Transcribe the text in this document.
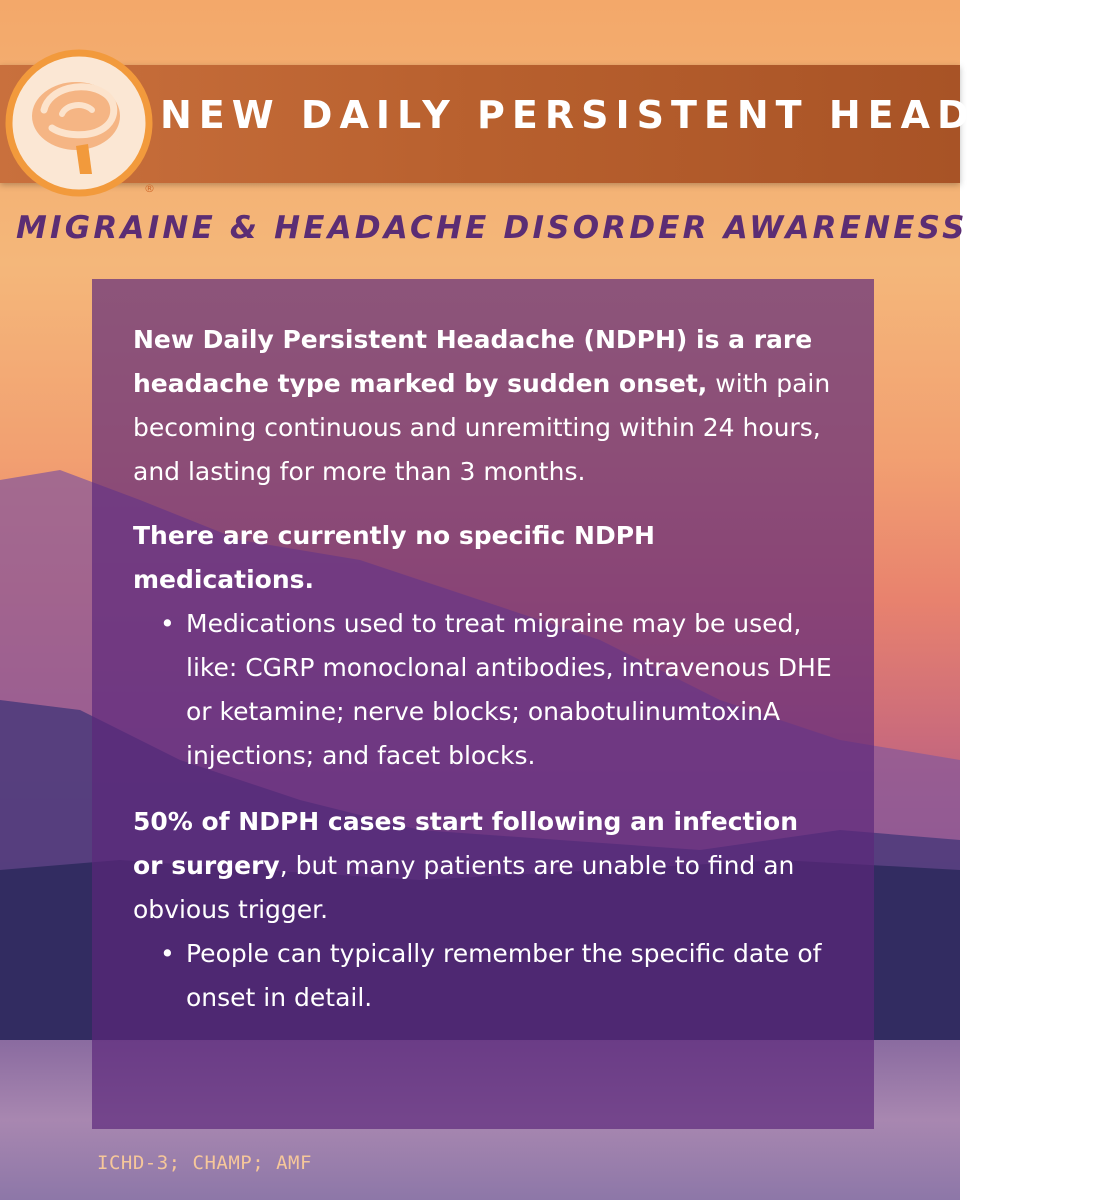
®
NEW DAILY PERSISTENT HEADACHE
MIGRAINE & HEADACHE DISORDER AWARENESS

New Daily Persistent Headache (NDPH) is a rare headache type marked by sudden onset, with pain becoming continuous and unremitting within 24 hours, and lasting for more than 3 months.

There are currently no specific NDPH medications.

• Medications used to treat migraine may be used, like: CGRP monoclonal antibodies, intravenous DHE or ketamine; nerve blocks; onabotulinumtoxinA injections; and facet blocks.

50% of NDPH cases start following an infection or surgery, but many patients are unable to find an obvious trigger.

• People can typically remember the specific date of onset in detail.
ICHD-3; CHAMP; AMF
